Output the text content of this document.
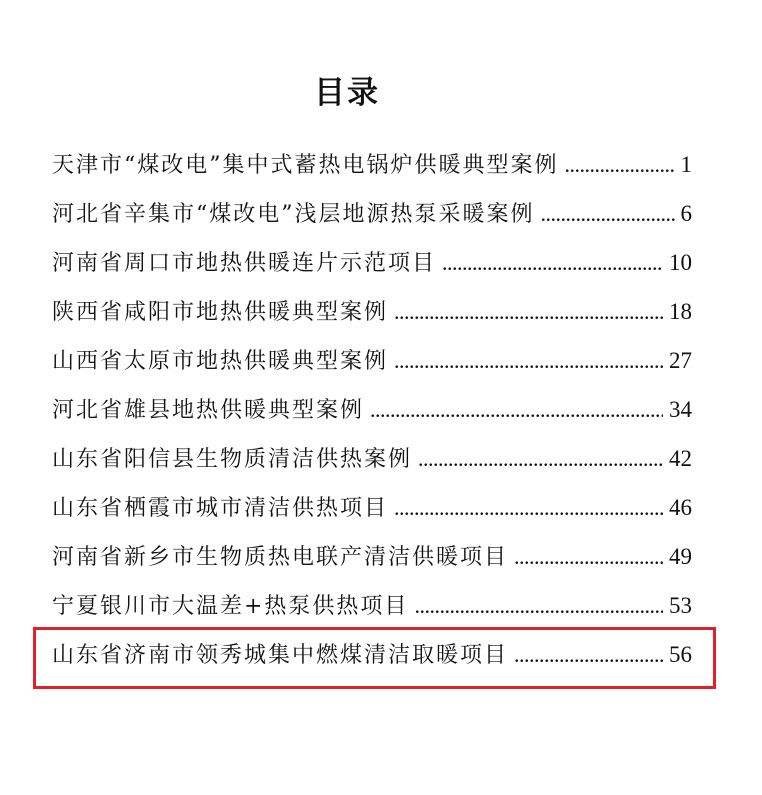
目录
天津市“煤改电”集中式蓄热电锅炉供暖典型案例 . . .	1
河北省辛集市“煤改电”浅层地源热泵采暖案例 . . .	6
河南省周口市地热供暖连片示范项目 . . .	10
陕西省咸阳市地热供暖典型案例 . . .	18
山西省太原市地热供暖典型案例 . . .	27
河北省雄县地热供暖典型案例 . . .	34
山东省阳信县生物质清洁供热案例 . . .	42
山东省栖霞市城市清洁供热项目 . . .	46
河南省新乡市生物质热电联产清洁供暖项目 . . .	49
宁夏银川市大温差+热泵供热项目 . . .	53
山东省济南市领秀城集中燃煤清洁取暖项目 . . .	56
